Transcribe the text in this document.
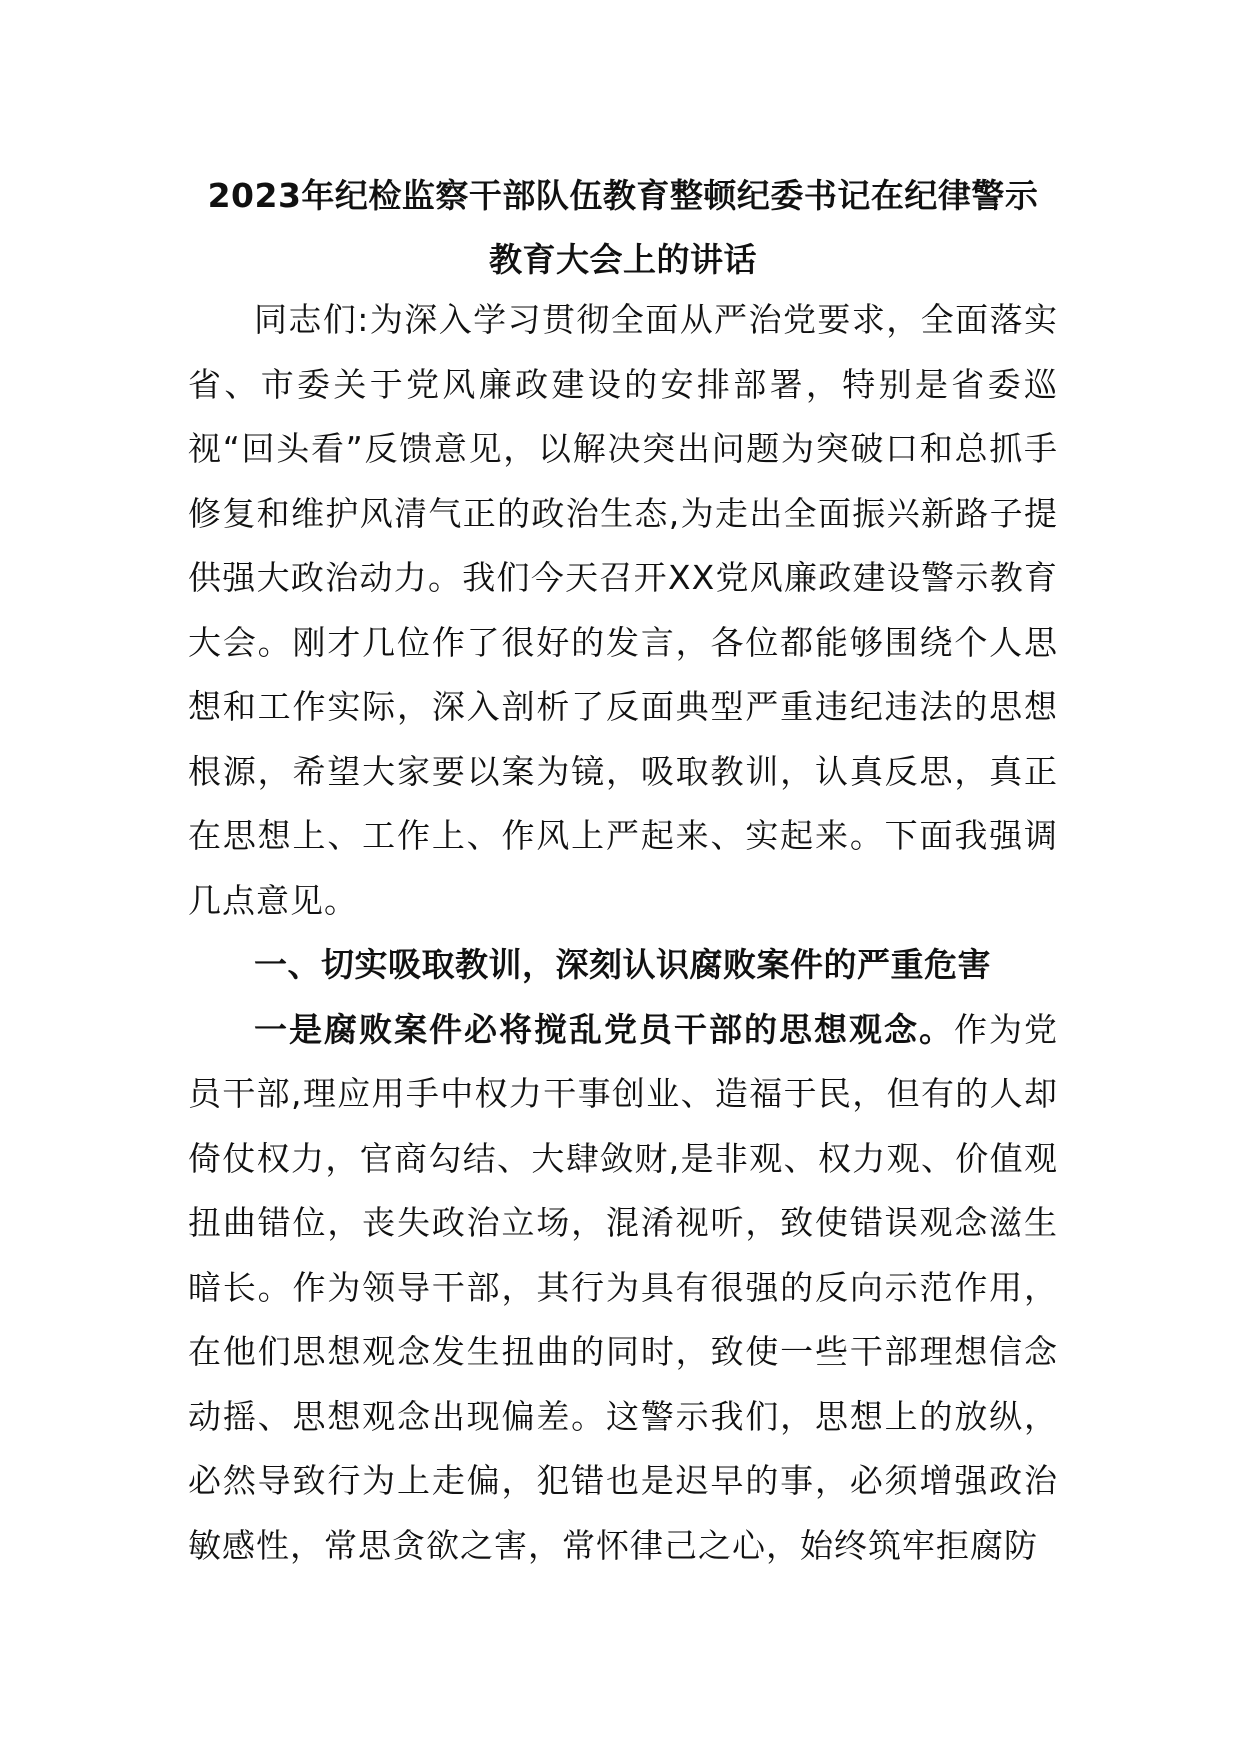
2023年纪检监察干部队伍教育整顿纪委书记在纪律警示
教育大会上的讲话

同志们:为深入学习贯彻全面从严治党要求，全面落实省、市委关于党风廉政建设的安排部署，特别是省委巡视“回头看”反馈意见，以解决突出问题为突破口和总抓手修复和维护风清气正的政治生态,为走出全面振兴新路子提供强大政治动力。我们今天召开XX党风廉政建设警示教育大会。刚才几位作了很好的发言，各位都能够围绕个人思想和工作实际，深入剖析了反面典型严重违纪违法的思想根源，希望大家要以案为镜，吸取教训，认真反思，真正在思想上、工作上、作风上严起来、实起来。下面我强调几点意见。

一、切实吸取教训，深刻认识腐败案件的严重危害

一是腐败案件必将搅乱党员干部的思想观念。作为党员干部,理应用手中权力干事创业、造福于民，但有的人却倚仗权力，官商勾结、大肆敛财,是非观、权力观、价值观扭曲错位，丧失政治立场，混淆视听，致使错误观念滋生暗长。作为领导干部，其行为具有很强的反向示范作用，在他们思想观念发生扭曲的同时，致使一些干部理想信念动摇、思想观念出现偏差。这警示我们，思想上的放纵，必然导致行为上走偏，犯错也是迟早的事，必须增强政治敏感性，常思贪欲之害，常怀律己之心，始终筑牢拒腐防
